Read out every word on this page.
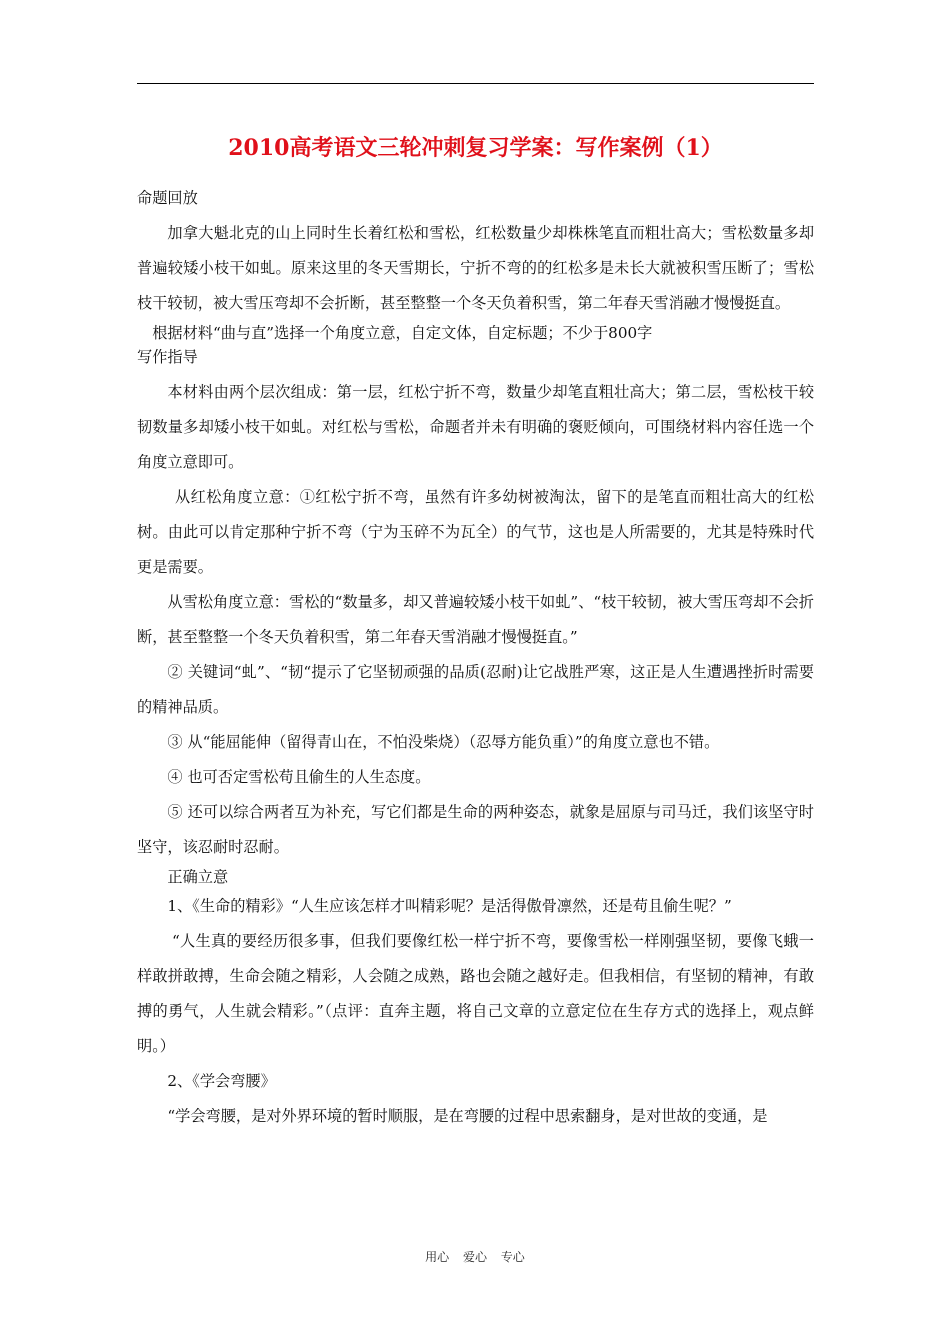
2010高考语文三轮冲刺复习学案：写作案例（1）

命题回放

加拿大魁北克的山上同时生长着红松和雪松，红松数量少却株株笔直而粗壮高大；雪松数量多却普遍较矮小枝干如虬。原来这里的冬天雪期长，宁折不弯的的红松多是未长大就被积雪压断了；雪松枝干较韧，被大雪压弯却不会折断，甚至整整一个冬天负着积雪，第二年春天雪消融才慢慢挺直。

根据材料“曲与直”选择一个角度立意，自定文体，自定标题；不少于800字

写作指导

本材料由两个层次组成：第一层，红松宁折不弯，数量少却笔直粗壮高大；第二层，雪松枝干较韧数量多却矮小枝干如虬。对红松与雪松，命题者并未有明确的褒贬倾向，可围绕材料内容任选一个角度立意即可。

从红松角度立意：①红松宁折不弯，虽然有许多幼树被淘汰，留下的是笔直而粗壮高大的红松树。由此可以肯定那种宁折不弯（宁为玉碎不为瓦全）的气节，这也是人所需要的，尤其是特殊时代更是需要。

从雪松角度立意：雪松的“数量多，却又普遍较矮小枝干如虬”、“枝干较韧，被大雪压弯却不会折断，甚至整整一个冬天负着积雪，第二年春天雪消融才慢慢挺直。”

② 关键词“虬”、“韧“提示了它坚韧顽强的品质(忍耐)让它战胜严寒，这正是人生遭遇挫折时需要的精神品质。

③ 从“能屈能伸（留得青山在，不怕没柴烧）（忍辱方能负重）”的角度立意也不错。

④ 也可否定雪松苟且偷生的人生态度。

⑤ 还可以综合两者互为补充，写它们都是生命的两种姿态，就象是屈原与司马迁，我们该坚守时坚守，该忍耐时忍耐。

正确立意

1、《生命的精彩》“人生应该怎样才叫精彩呢？是活得傲骨凛然，还是苟且偷生呢？”

“人生真的要经历很多事，但我们要像红松一样宁折不弯，要像雪松一样刚强坚韧，要像飞蛾一样敢拼敢搏，生命会随之精彩，人会随之成熟，路也会随之越好走。但我相信，有坚韧的精神，有敢搏的勇气，人生就会精彩。”（点评：直奔主题，将自己文章的立意定位在生存方式的选择上，观点鲜明。）

2、《学会弯腰》

“学会弯腰，是对外界环境的暂时顺服，是在弯腰的过程中思索翻身，是对世故的变通，是

用心 爱心 专心
